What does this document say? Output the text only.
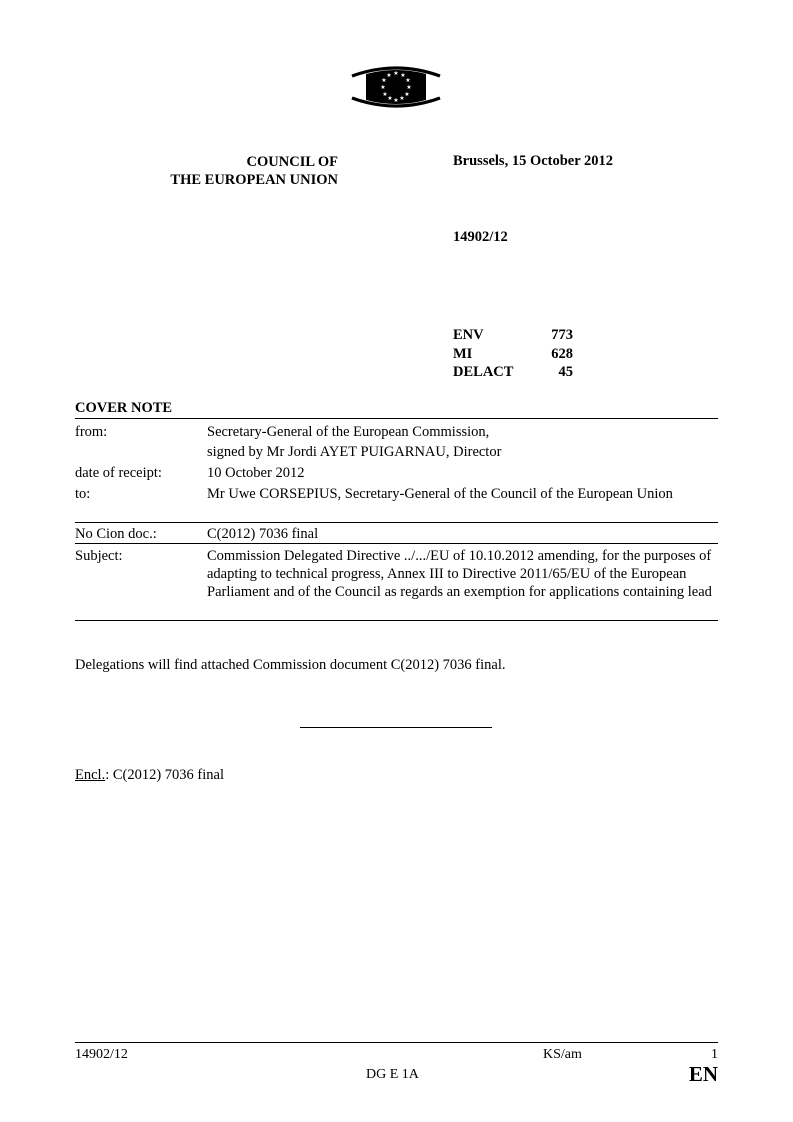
★ ★
★
★
★
★
★
★
★
★
★
★
COUNCIL OF
THE EUROPEAN UNION
Brussels, 15 October 2012
14902/12
ENV	773
MI	628
DELACT	45
COVER NOTE
from:	Secretary-General of the European Commission,
signed by Mr Jordi AYET PUIGARNAU, Director
date of receipt:	10 October 2012
to:	Mr Uwe CORSEPIUS, Secretary-General of the Council of the European Union
No Cion doc.:	C(2012) 7036 final
Subject:	Commission Delegated Directive ../.../EU of 10.10.2012 amending, for the purposes of adapting to technical progress, Annex III to Directive 2011/65/EU of the European Parliament and of the Council as regards an exemption for applications containing lead
Delegations will find attached Commission document C(2012) 7036 final.
Encl.: C(2012) 7036 final
14902/12	KS/am	1
DG E 1A	EN
